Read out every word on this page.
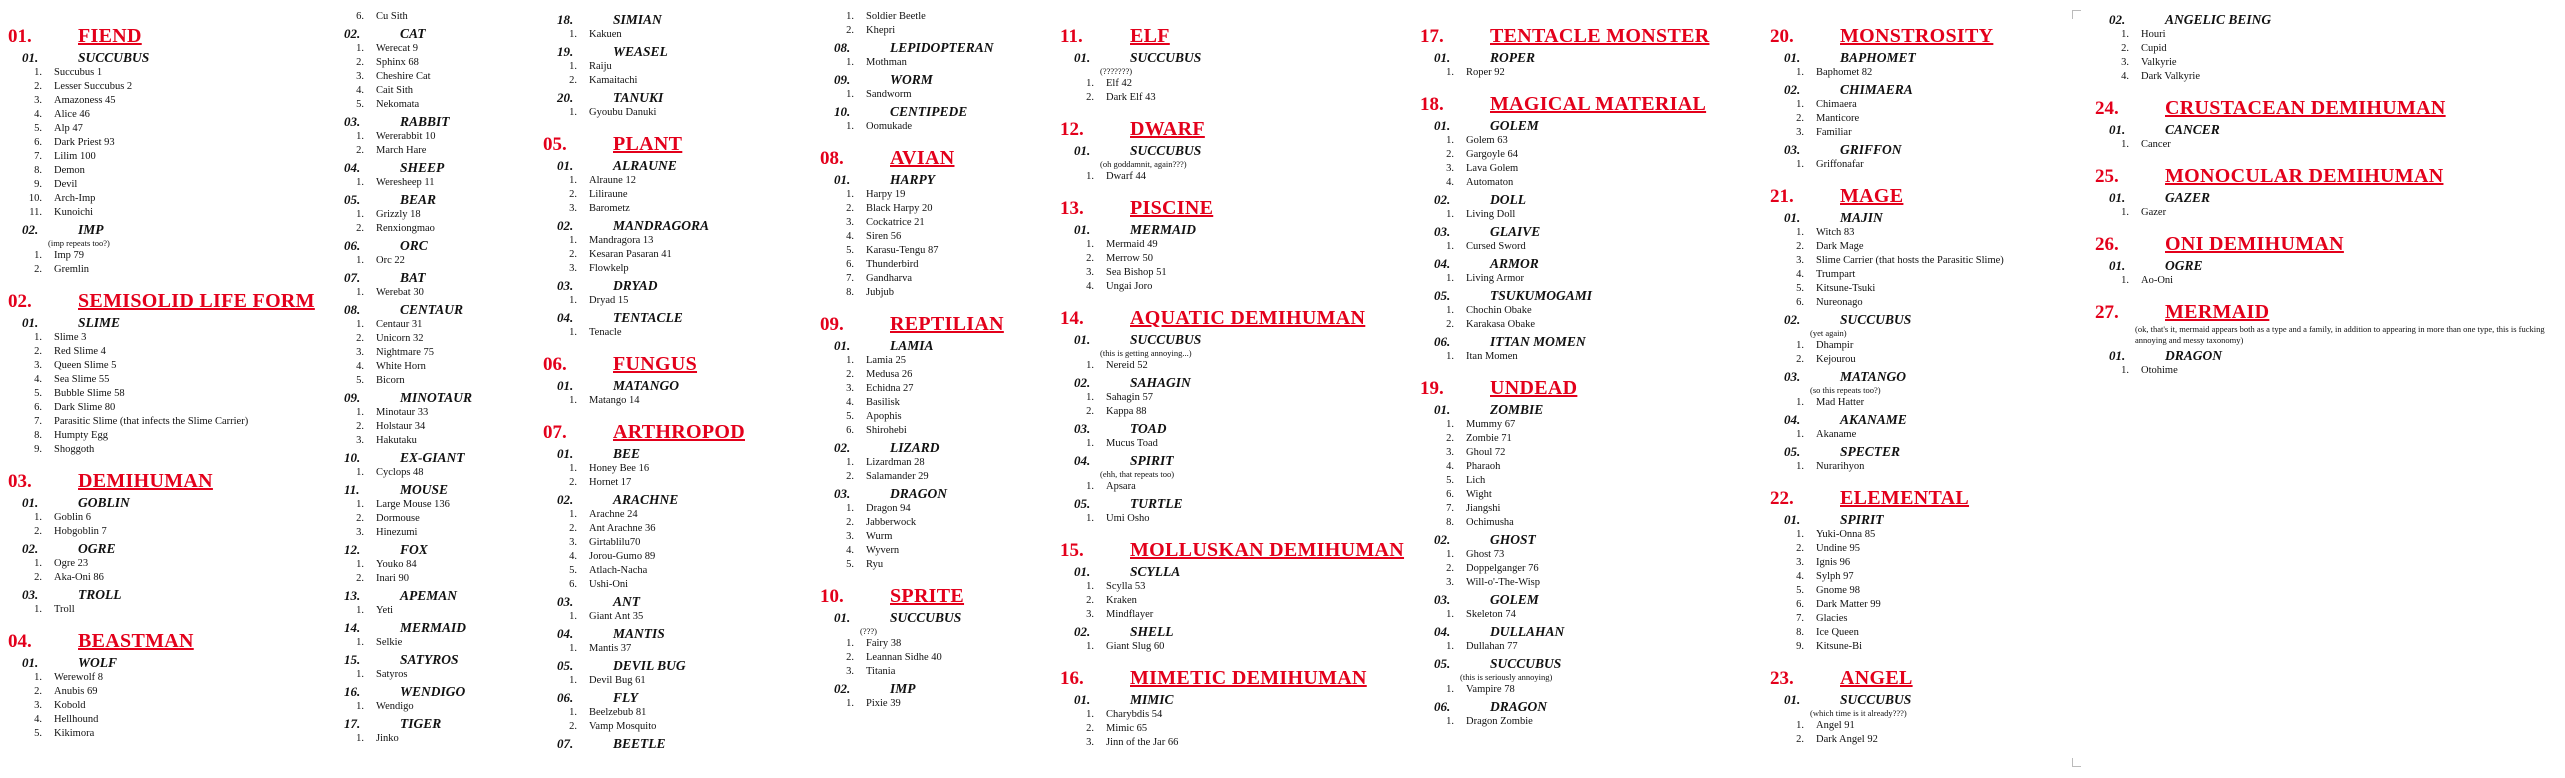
01. FIEND
01.	SUCCUBUS
1. Succubus 1
2. Lesser Succubus 2
3. Amazoness 45
4. Alice 46
5. Alp 47
6. Dark Priest 93
7. Lilim 100
8. Demon
9. Devil
10. Arch-Imp
11. Kunoichi
02.	IMP
(imp repeats too?)
1. Imp 79
2. Gremlin
02. SEMISOLID LIFE FORM
01.	SLIME
1. Slime 3
2. Red Slime 4
3. Queen Slime 5
4. Sea Slime 55
5. Bubble Slime 58
6. Dark Slime 80
7. Parasitic Slime (that infects the Slime Carrier)
8. Humpty Egg
9. Shoggoth
03. DEMIHUMAN
01.	GOBLIN
1. Goblin 6
2. Hobgoblin 7
02.	OGRE
1. Ogre 23
2. Aka-Oni 86
03.	TROLL
1. Troll
04. BEASTMAN
01.	WOLF
1. Werewolf 8
2. Anubis 69
3. Kobold
4. Hellhound
5. Kikimora
6. Cu Sith
02.	CAT
1. Werecat 9
2. Sphinx 68
3. Cheshire Cat
4. Cait Sith
5. Nekomata
03.	RABBIT
1. Wererabbit 10
2. March Hare
04.	SHEEP
1. Weresheep 11
05.	BEAR
1. Grizzly 18
2. Renxiongmao
06.	ORC
1. Orc 22
07.	BAT
1. Werebat 30
08.	CENTAUR
1. Centaur 31
2. Unicorn 32
3. Nightmare 75
4. White Horn
5. Bicorn
09.	MINOTAUR
1. Minotaur 33
2. Holstaur 34
3. Hakutaku
10.	EX-GIANT
1. Cyclops 48
11.	MOUSE
1. Large Mouse 136
2. Dormouse
3. Hinezumi
12.	FOX
1. Youko 84
2. Inari 90
13.	APEMAN
1. Yeti
14.	MERMAID
1. Selkie
15.	SATYROS
1. Satyros
16.	WENDIGO
1. Wendigo
17.	TIGER
1. Jinko
18.	SIMIAN
1. Kakuen
19.	WEASEL
1. Raiju
2. Kamaitachi
20.	TANUKI
1. Gyoubu Danuki
05. PLANT
01.	ALRAUNE
1. Alraune 12
2. Liliraune
3. Barometz
02.	MANDRAGORA
1. Mandragora 13
2. Kesaran Pasaran 41
3. Flowkelp
03.	DRYAD
1. Dryad 15
04.	TENTACLE
1. Tenacle
06. FUNGUS
01.	MATANGO
1. Matango 14
07. ARTHROPOD
01.	BEE
1. Honey Bee 16
2. Hornet 17
02.	ARACHNE
1. Arachne 24
2. Ant Arachne 36
3. Girtablilu70
4. Jorou-Gumo 89
5. Atlach-Nacha
6. Ushi-Oni
03.	ANT
1. Giant Ant 35
04.	MANTIS
1. Mantis 37
05.	DEVIL BUG
1. Devil Bug 61
06.	FLY
1. Beelzebub 81
2. Vamp Mosquito
07.	BEETLE
1. Soldier Beetle
2. Khepri
08.	LEPIDOPTERAN
1. Mothman
09.	WORM
1. Sandworm
10.	CENTIPEDE
1. Oomukade
08. AVIAN
01.	HARPY
1. Harpy 19
2. Black Harpy 20
3. Cockatrice 21
4. Siren 56
5. Karasu-Tengu 87
6. Thunderbird
7. Gandharva
8. Jubjub
09. REPTILIAN
01.	LAMIA
1. Lamia 25
2. Medusa 26
3. Echidna 27
4. Basilisk
5. Apophis
6. Shirohebi
02.	LIZARD
1. Lizardman 28
2. Salamander 29
03.	DRAGON
1. Dragon 94
2. Jabberwock
3. Wurm
4. Wyvern
5. Ryu
10. SPRITE
01.	SUCCUBUS
(???)
1. Fairy 38
2. Leannan Sidhe 40
3. Titania
02.	IMP
1. Pixie 39
11. ELF
01.	SUCCUBUS
(???????)
1. Elf 42
2. Dark Elf 43
12. DWARF
01.	SUCCUBUS
(oh goddamnit, again???)
1. Dwarf 44
13. PISCINE
01.	MERMAID
1. Mermaid 49
2. Merrow 50
3. Sea Bishop 51
4. Ungai Joro
14. AQUATIC DEMIHUMAN
01.	SUCCUBUS
(this is getting annoying...)
1. Nereid 52
02.	SAHAGIN
1. Sahagin 57
2. Kappa 88
03.	TOAD
1. Mucus Toad
04.	SPIRIT
(ehh, that repeats too)
1. Apsara
05.	TURTLE
1. Umi Osho
15. MOLLUSKAN DEMIHUMAN
01.	SCYLLA
1. Scylla 53
2. Kraken
3. Mindflayer
02.	SHELL
1. Giant Slug 60
16. MIMETIC DEMIHUMAN
01.	MIMIC
1. Charybdis 54
2. Mimic 65
3. Jinn of the Jar 66
17. TENTACLE MONSTER
01.	ROPER
1. Roper 92
18. MAGICAL MATERIAL
01.	GOLEM
1. Golem 63
2. Gargoyle 64
3. Lava Golem
4. Automaton
02.	DOLL
1. Living Doll
03.	GLAIVE
1. Cursed Sword
04.	ARMOR
1. Living Armor
05.	TSUKUMOGAMI
1. Chochin Obake
2. Karakasa Obake
06.	ITTAN MOMEN
1. Itan Momen
19. UNDEAD
01.	ZOMBIE
1. Mummy 67
2. Zombie 71
3. Ghoul 72
4. Pharaoh
5. Lich
6. Wight
7. Jiangshi
8. Ochimusha
02.	GHOST
1. Ghost 73
2. Doppelganger 76
3. Will-o'-The-Wisp
03.	GOLEM
1. Skeleton 74
04.	DULLAHAN
1. Dullahan 77
05.	SUCCUBUS
(this is seriously annoying)
1. Vampire 78
06.	DRAGON
1. Dragon Zombie
20. MONSTROSITY
01.	BAPHOMET
1. Baphomet 82
02.	CHIMAERA
1. Chimaera
2. Manticore
3. Familiar
03.	GRIFFON
1. Griffonafar
21. MAGE
01.	MAJIN
1. Witch 83
2. Dark Mage
3. Slime Carrier (that hosts the Parasitic Slime)
4. Trumpart
5. Kitsune-Tsuki
6. Nureonago
02.	SUCCUBUS
(yet again)
1. Dhampir
2. Kejourou
03.	MATANGO
(so this repeats too?)
1. Mad Hatter
04.	AKANAME
1. Akaname
05.	SPECTER
1. Nurarihyon
22. ELEMENTAL
01.	SPIRIT
1. Yuki-Onna 85
2. Undine 95
3. Ignis 96
4. Sylph 97
5. Gnome 98
6. Dark Matter 99
7. Glacies
8. Ice Queen
9. Kitsune-Bi
23. ANGEL
01.	SUCCUBUS
(which time is it already???)
1. Angel 91
2. Dark Angel 92
02.	ANGELIC BEING
1. Houri
2. Cupid
3. Valkyrie
4. Dark Valkyrie
24. CRUSTACEAN DEMIHUMAN
01.	CANCER
1. Cancer
25. MONOCULAR DEMIHUMAN
01.	GAZER
1. Gazer
26. ONI DEMIHUMAN
01.	OGRE
1. Ao-Oni
27. MERMAID
(ok, that's it, mermaid appears both as a type and a family, in addition to appearing in more than one type, this is fucking annoying and messy taxonomy)
01.	DRAGON
1. Otohime
